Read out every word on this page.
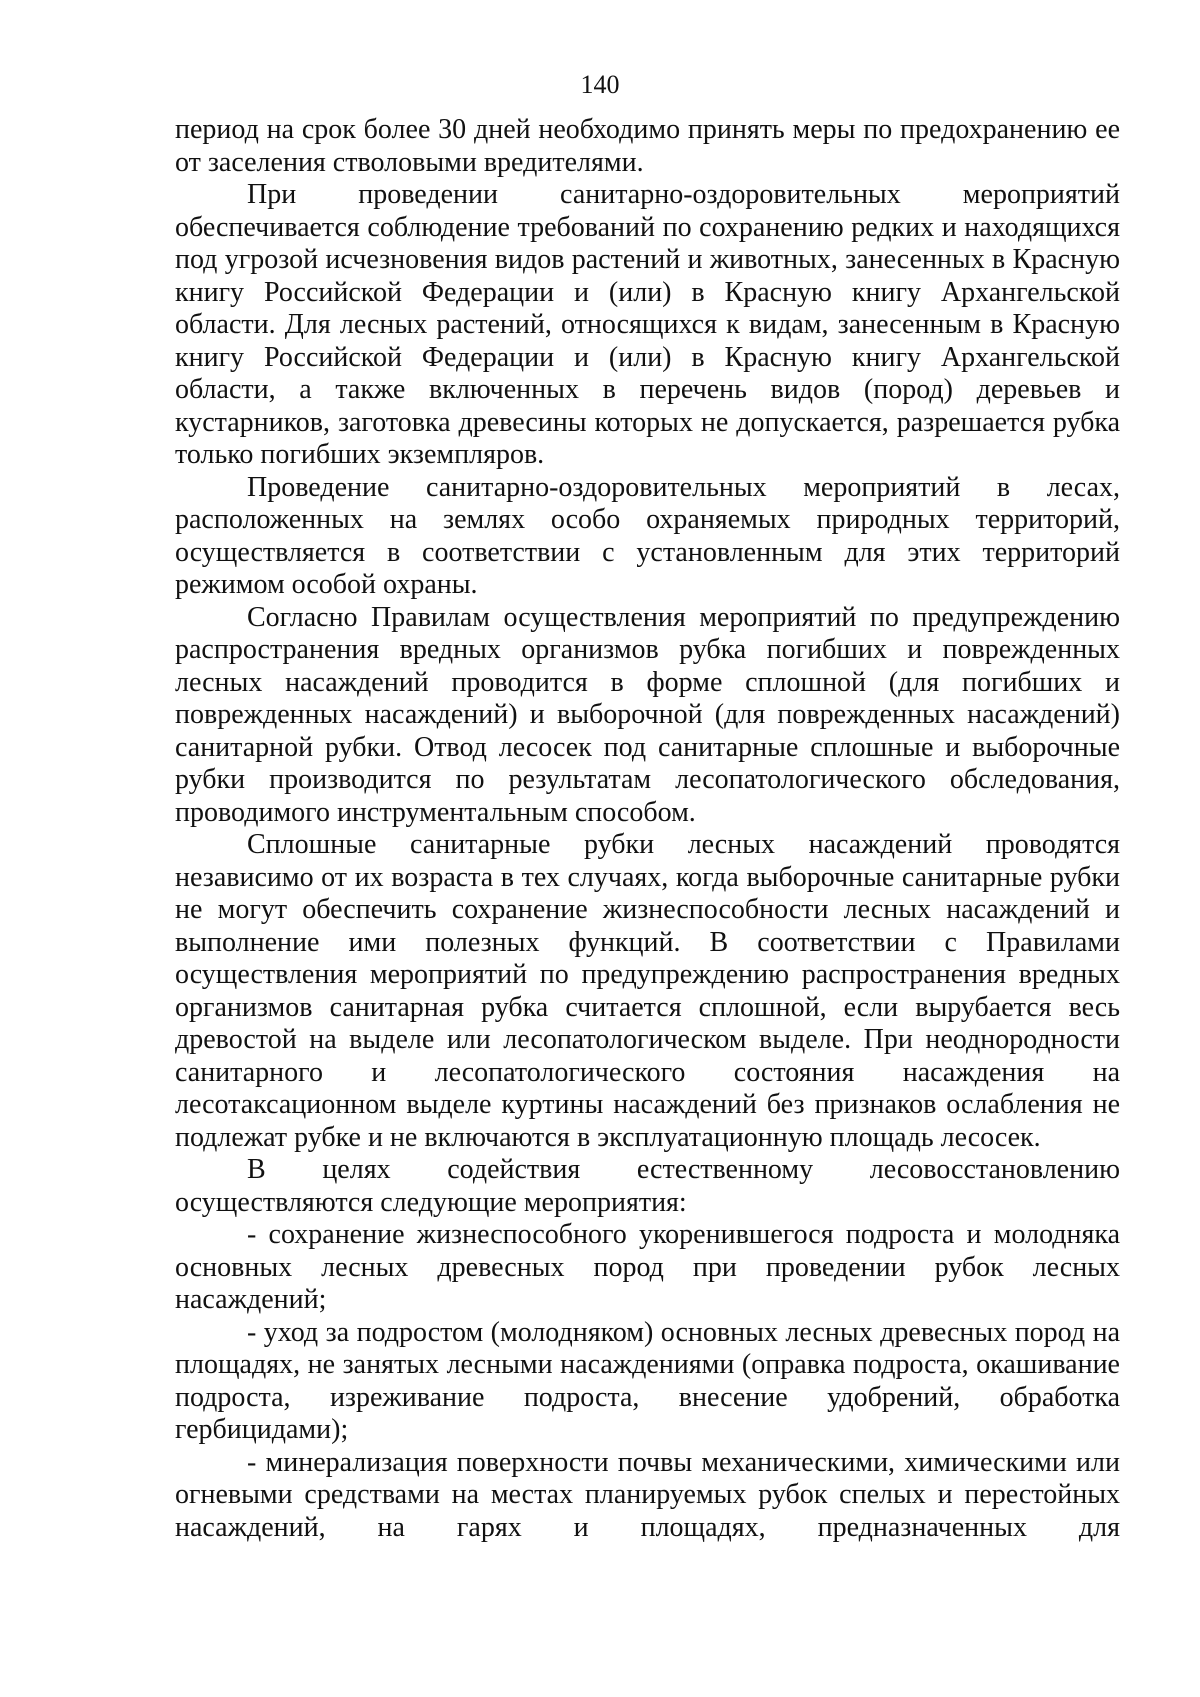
140

период на срок более 30 дней необходимо принять меры по предохранению ее от заселения стволовыми вредителями.

При проведении санитарно-оздоровительных мероприятий обеспечивается соблюдение требований по сохранению редких и находящихся под угрозой исчезновения видов растений и животных, занесенных в Красную книгу Российской Федерации и (или) в Красную книгу Архангельской области. Для лесных растений, относящихся к видам, занесенным в Красную книгу Российской Федерации и (или) в Красную книгу Архангельской области, а также включенных в перечень видов (пород) деревьев и кустарников, заготовка древесины которых не допускается, разрешается рубка только погибших экземпляров.

Проведение санитарно-оздоровительных мероприятий в лесах, расположенных на землях особо охраняемых природных территорий, осуществляется в соответствии с установленным для этих территорий режимом особой охраны.

Согласно Правилам осуществления мероприятий по предупреждению распространения вредных организмов рубка погибших и поврежденных лесных насаждений проводится в форме сплошной (для погибших и поврежденных насаждений) и выборочной (для поврежденных насаждений) санитарной рубки. Отвод лесосек под санитарные сплошные и выборочные рубки производится по результатам лесопатологического обследования, проводимого инструментальным способом.

Сплошные санитарные рубки лесных насаждений проводятся независимо от их возраста в тех случаях, когда выборочные санитарные рубки не могут обеспечить сохранение жизнеспособности лесных насаждений и выполнение ими полезных функций. В соответствии с Правилами осуществления мероприятий по предупреждению распространения вредных организмов санитарная рубка считается сплошной, если вырубается весь древостой на выделе или лесопатологическом выделе. При неоднородности санитарного и лесопатологического состояния насаждения на лесотаксационном выделе куртины насаждений без признаков ослабления не подлежат рубке и не включаются в эксплуатационную площадь лесосек.

В целях содействия естественному лесовосстановлению осуществляются следующие мероприятия:

- сохранение жизнеспособного укоренившегося подроста и молодняка основных лесных древесных пород при проведении рубок лесных насаждений;

- уход за подростом (молодняком) основных лесных древесных пород на площадях, не занятых лесными насаждениями (оправка подроста, окашивание подроста, изреживание подроста, внесение удобрений, обработка гербицидами);

- минерализация поверхности почвы механическими, химическими или огневыми средствами на местах планируемых рубок спелых и перестойных насаждений, на гарях и площадях, предназначенных для
